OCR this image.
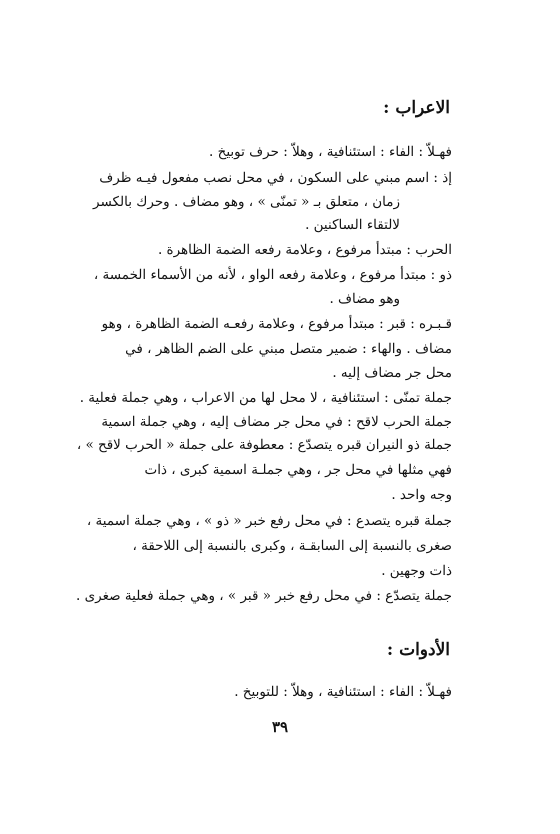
الاعراب :
فهـلاّ : الفاء : استئنافية ، وهلاّ : حرف توبيخ .
إذ : اسم مبني على السكون ، في محل نصب مفعول فيـه ظرف
زمان ، متعلق بـ « تمنّى » ، وهو مضاف . وحرك بالكسر
لالتقاء الساكنين .
الحرب : مبتدأ مرفوع ، وعلامة رفعه الضمة الظاهرة .
ذو : مبتدأ مرفوع ، وعلامة رفعه الواو ، لأنه من الأسماء الخمسة ،
وهو مضاف .
قـبـره : قبر : مبتدأ مرفوع ، وعلامة رفعـه الضمة الظاهرة ، وهو
مضاف . والهاء : ضمير متصل مبني على الضم الظاهر ، في
محل جر مضاف إليه .
جملة تمنّى : استئنافية ، لا محل لها من الاعراب ، وهي جملة فعلية .
جملة الحرب لاقح : في محل جر مضاف إليه ، وهي جملة اسمية
جملة ذو النيران قبره يتصدّع : معطوفة على جملة « الحرب لاقح » ،
فهي مثلها في محل جر ، وهي جملـة اسمية كبرى ، ذات
وجه واحد .
جملة قبره يتصدع : في محل رفع خبر « ذو » ، وهي جملة اسمية ،
صغرى بالنسبة إلى السابقـة ، وكبرى بالنسبة إلى اللاحقة ،
ذات وجهين .
جملة يتصدّع : في محل رفع خبر « قبر » ، وهي جملة فعلية صغرى .
الأدوات :
فهـلاّ : الفاء : استئنافية ، وهلاّ : للتوبيخ .
٣٩
